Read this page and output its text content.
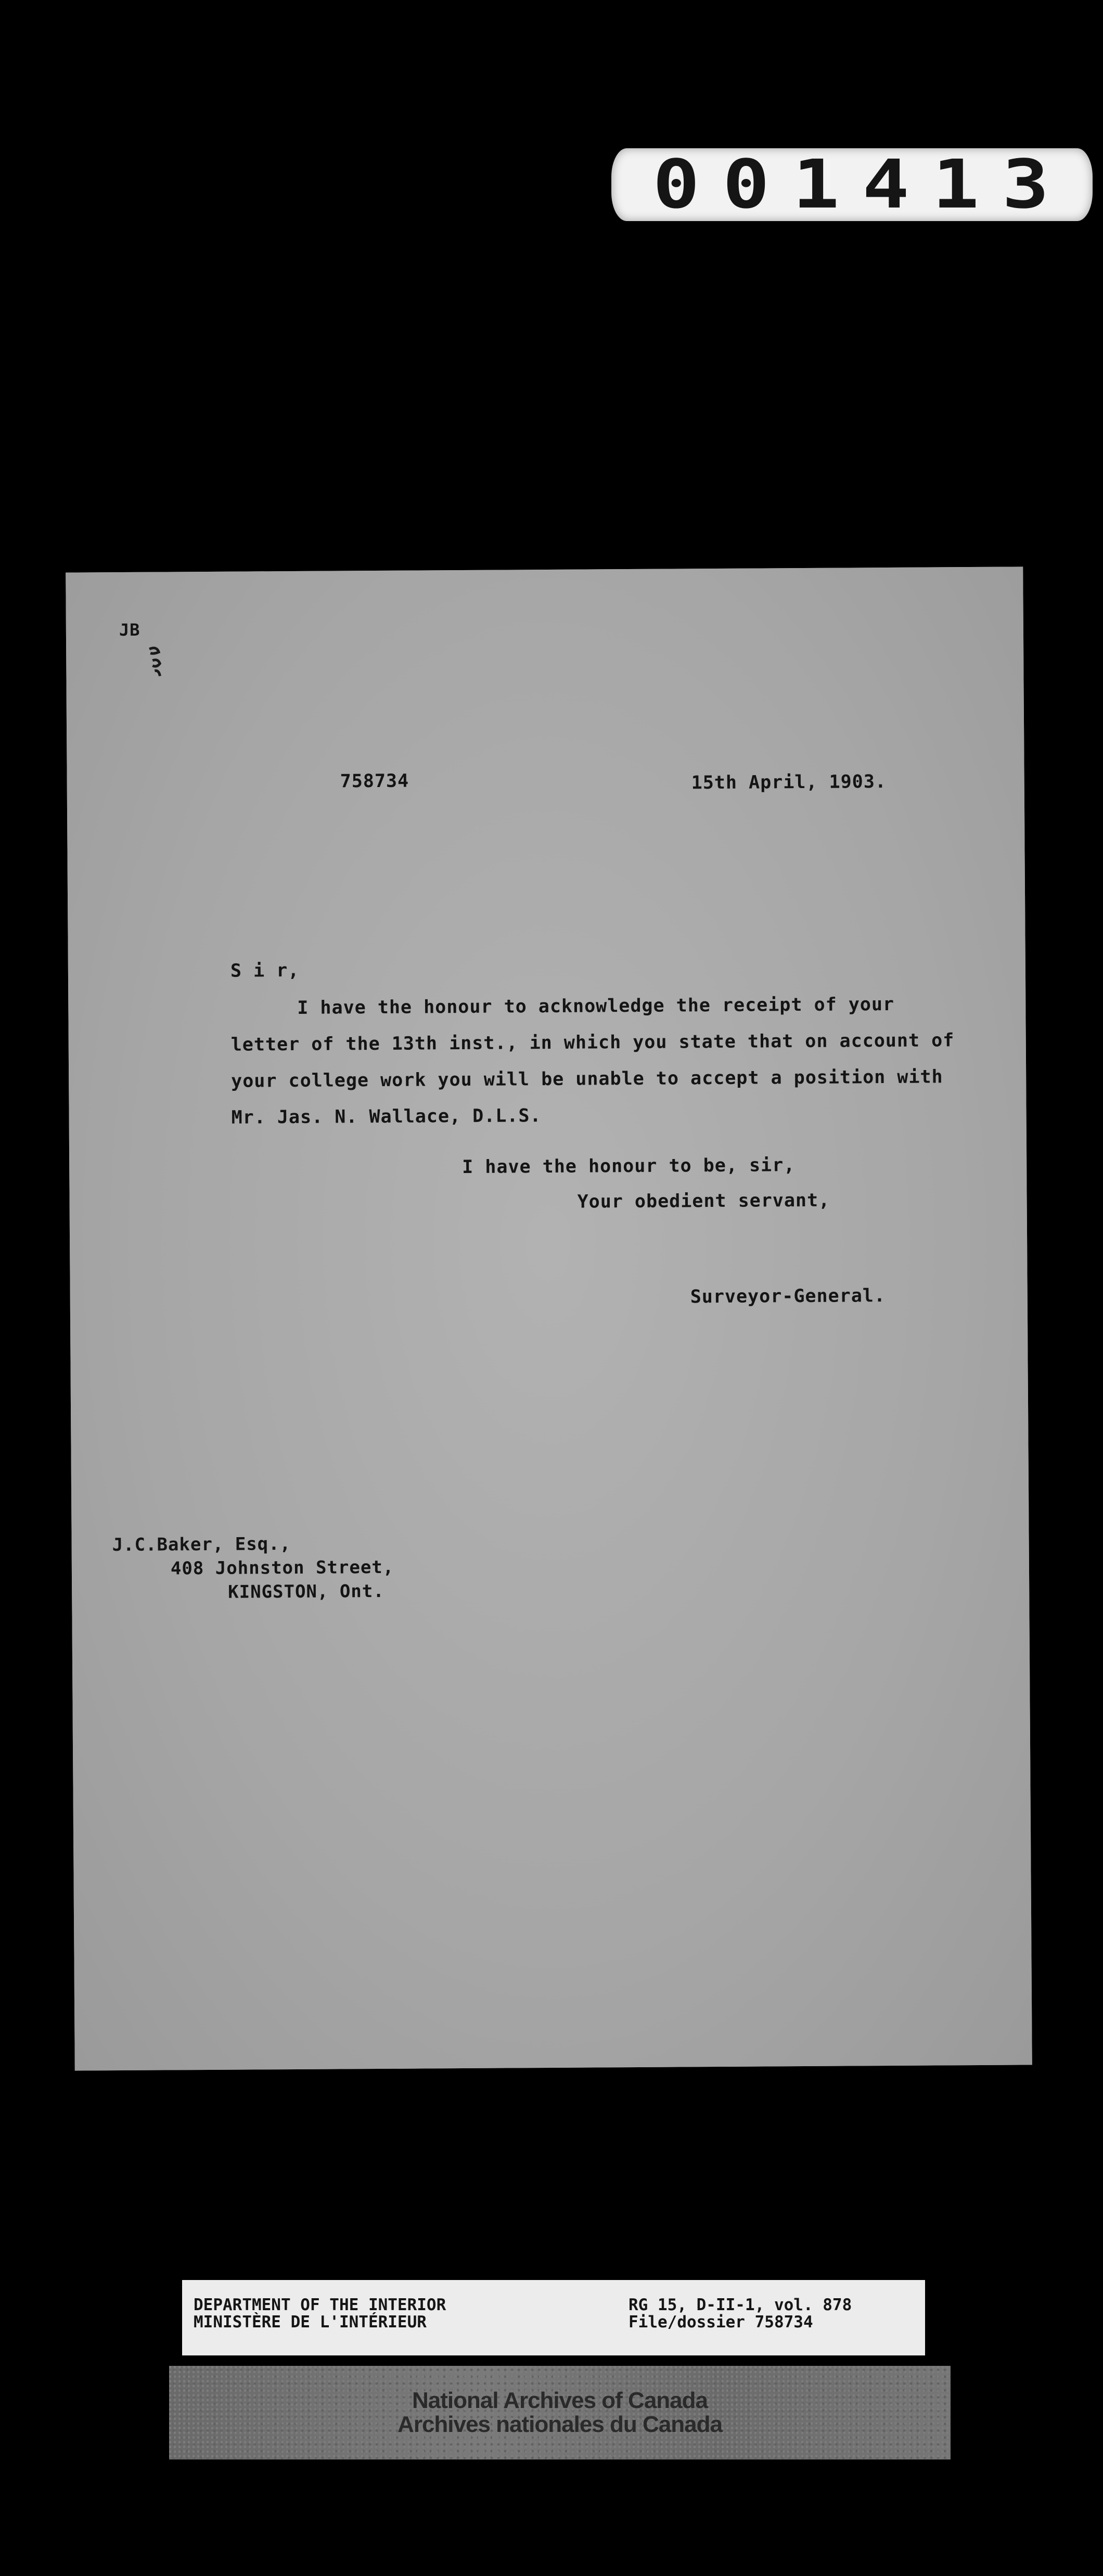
001413
JB
758734	15th April, 1903.
S i r,
I have the honour to acknowledge the receipt of your
letter of the 13th inst., in which you state that on account of
your college work you will be unable to accept a position with
Mr. Jas. N. Wallace, D.L.S.
I have the honour to be, sir,
Your obedient servant,
Surveyor-General.
J.C.Baker, Esq.,
408 Johnston Street,
KINGSTON, Ont.
DEPARTMENT OF THE INTERIOR
MINISTÈRE DE L'INTÉRIEUR
RG 15, D-II-1, vol. 878
File/dossier 758734
National Archives of Canada
Archives nationales du Canada
